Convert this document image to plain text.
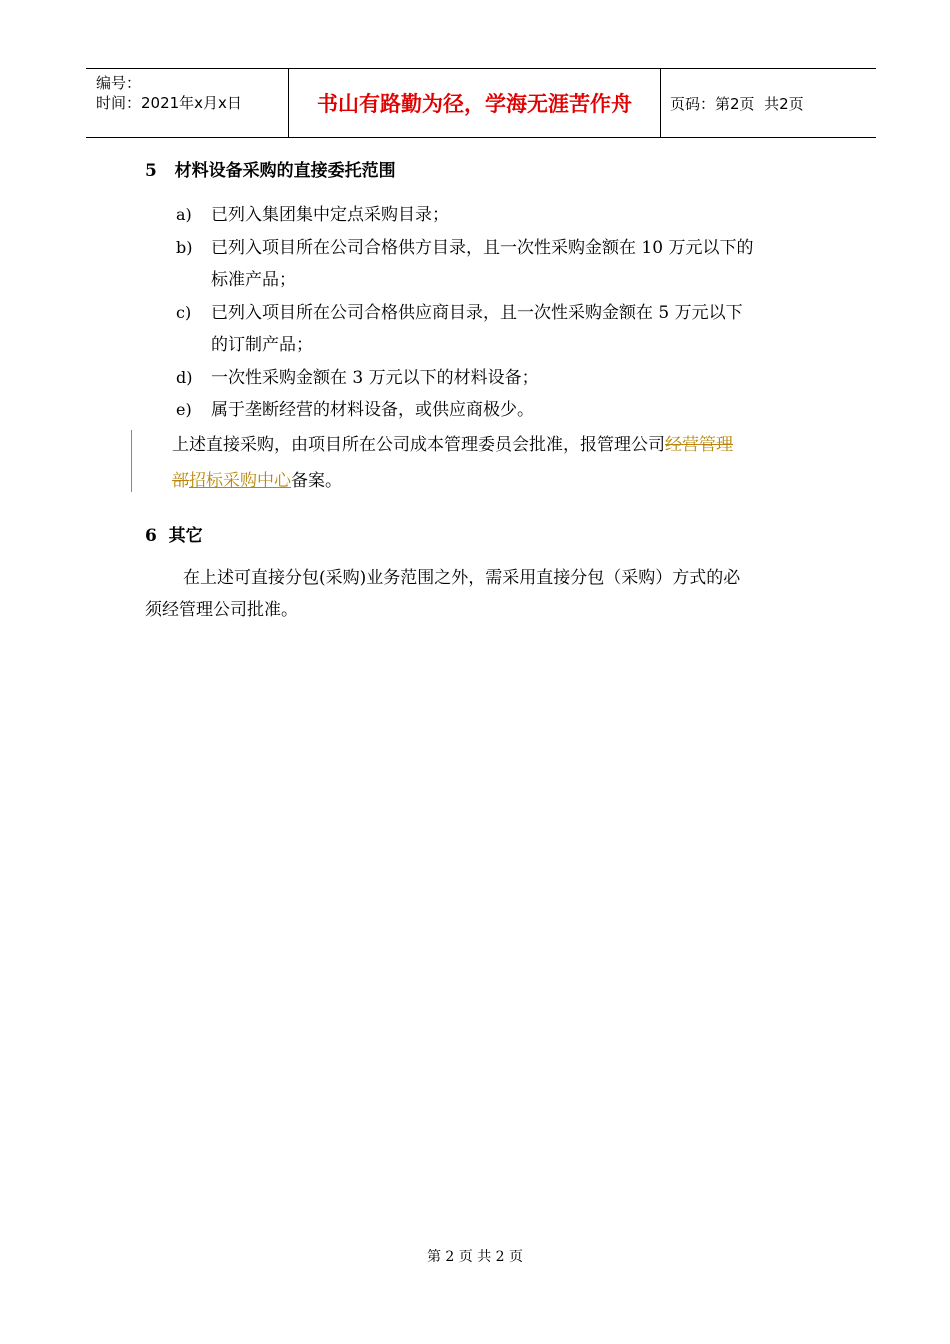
编号：
时间：2021年x月x日	书山有路勤为径，学海无涯苦作舟	页码：第2页  共2页
5   材料设备采购的直接委托范围
a) 已列入集团集中定点采购目录；
b) 已列入项目所在公司合格供方目录，且一次性采购金额在 10 万元以下的
标准产品；
c) 已列入项目所在公司合格供应商目录，且一次性采购金额在 5 万元以下
的订制产品；
d) 一次性采购金额在 3 万元以下的材料设备；
e) 属于垄断经营的材料设备，或供应商极少。
上述直接采购，由项目所在公司成本管理委员会批准，报管理公司经营管理
部招标采购中心备案。
6  其它
在上述可直接分包(采购)业务范围之外，需采用直接分包（采购）方式的必
须经管理公司批准。
第 2 页 共 2 页
